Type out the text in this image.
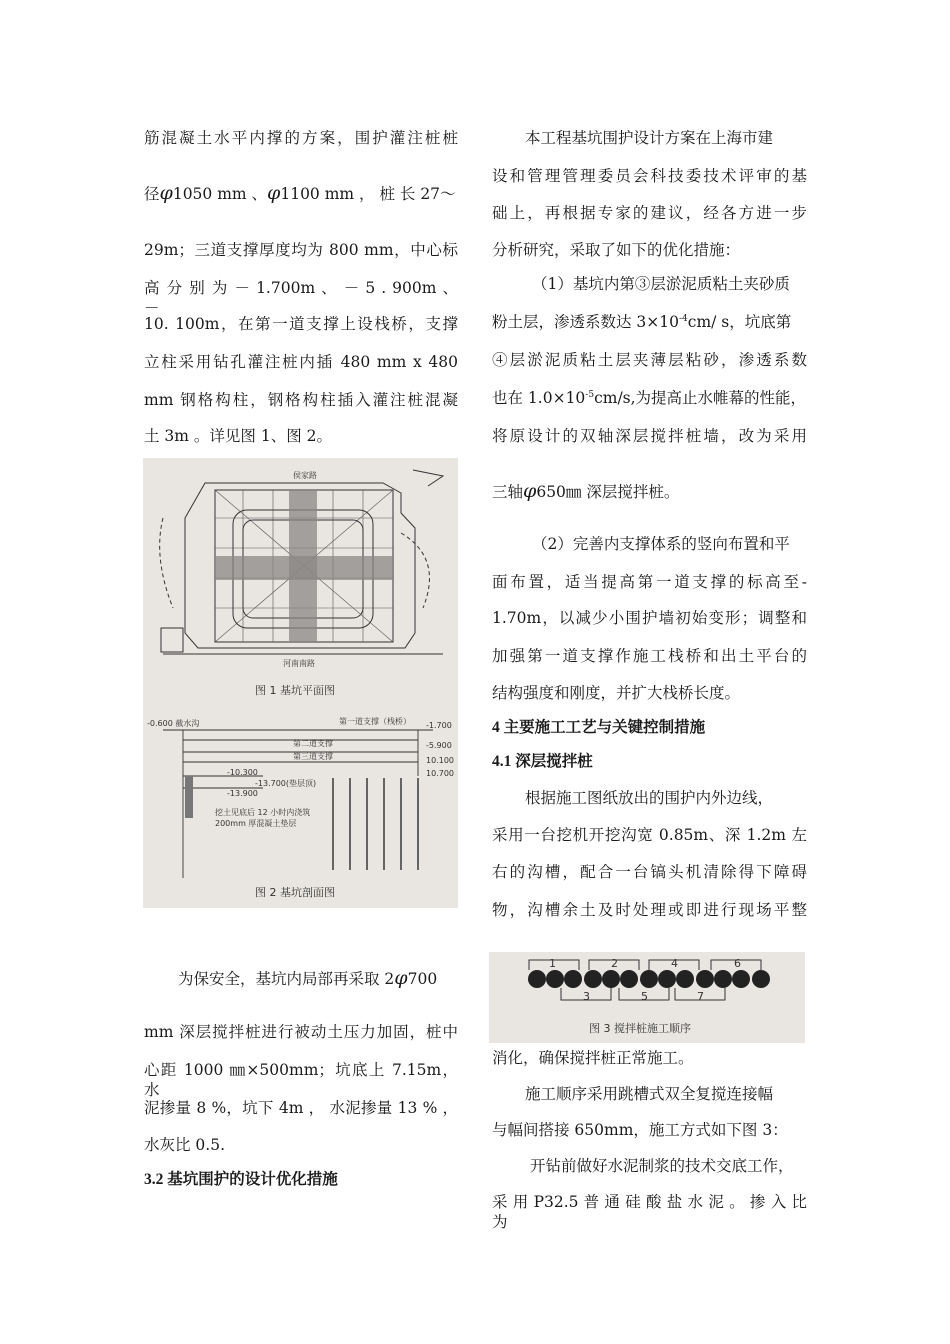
筋混凝土水平内撑的方案，围护灌注桩桩
径φ1050 mm 、φ1100 mm ， 桩 长 27～
29m；三道支撑厚度均为 800 mm，中心标
高 分 别 为 － 1.700m 、 － 5 . 900m 、 －
10. 100m，在第一道支撑上设栈桥，支撑
立柱采用钻孔灌注桩内插 480 mm x 480
mm 钢格构柱，钢格构柱插入灌注桩混凝
土 3m 。详见图 1、图 2。
侯家路
河南南路
图 1 基坑平面图
-0.600 截水沟	第一道支撑（栈桥）
第二道支撑
第三道支撑
-13.700(垫层顶)
-10.300
-13.900
挖土见底后 12 小时内浇筑
200mm 厚混凝土垫层
-1.700
-5.900
10.100
10.700
图 2 基坑剖面图
为保安全，基坑内局部再采取 2φ700
mm 深层搅拌桩进行被动土压力加固，桩中
心距 1000 ㎜×500mm；坑底上 7.15m，水
泥掺量 8 %，坑下 4m ， 水泥掺量 13 % ，
水灰比 0.5.
3.2 基坑围护的设计优化措施
本工程基坑围护设计方案在上海市建
设和管理管理委员会科技委技术评审的基
础上，再根据专家的建议，经各方进一步
分析研究，采取了如下的优化措施：
（1）基坑内第③层淤泥质粘土夹砂质
粉土层，渗透系数达 $3\times 10^{-4}cm/$ s，坑底第
④层淤泥质粘土层夹薄层粘砂，渗透系数
也在 $1.0\times 10^{-5}cm/s$,为提高止水帷幕的性能，
将原设计的双轴深层搅拌桩墙，改为采用
三轴φ650㎜ 深层搅拌桩。
（2）完善内支撑体系的竖向布置和平
面布置，适当提高第一道支撑的标高至-
1.70m，以减少小围护墙初始变形；调整和
加强第一道支撑作施工栈桥和出土平台的
结构强度和刚度，并扩大栈桥长度。
4 主要施工工艺与关键控制措施
4.1 深层搅拌桩
根据施工图纸放出的围护内外边线，
采用一台挖机开挖沟宽 0.85m、深 1.2m 左
右的沟槽，配合一台镐头机清除得下障碍
物，沟槽余土及时处理或即进行现场平整
1	2	4	6
3	5	7
图 3 搅拌桩施工顺序
消化，确保搅拌桩正常施工。
施工顺序采用跳槽式双全复搅连接幅
与幅间搭接 650mm，施工方式如下图 3：
开钻前做好水泥制浆的技术交底工作，
采 用 P32.5 普 通 硅 酸 盐 水 泥 。 掺 入 比 为
